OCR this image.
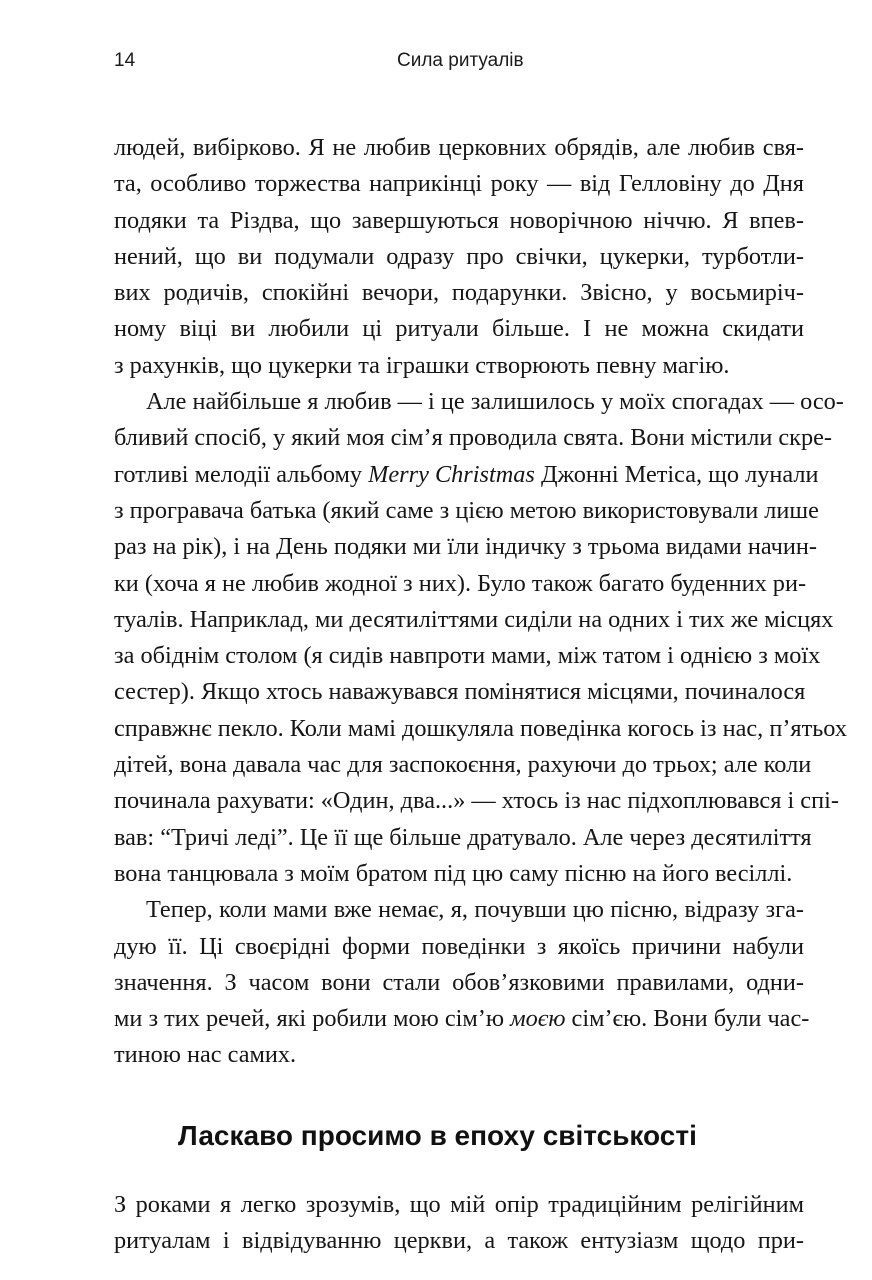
14	Сила ритуалів
людей, вибірково. Я не любив церковних обрядів, але любив свя-
та, особливо торжества наприкінці року — від Гелловіну до Дня
подяки та Різдва, що завершуються новорічною ніччю. Я впев-
нений, що ви подумали одразу про свічки, цукерки, турботли-
вих родичів, спокійні вечори, подарунки. Звісно, у восьмиріч-
ному віці ви любили ці ритуали більше. І не можна скидати
з рахунків, що цукерки та іграшки створюють певну магію.
Але найбільше я любив — і це залишилось у моїх спогадах — осо-
бливий спосіб, у який моя сім’я проводила свята. Вони містили скре-
готливі мелодії альбому Merry Christmas Джонні Метіса, що лунали
з програвача батька (який саме з цією метою використовували лише
раз на рік), і на День подяки ми їли індичку з трьома видами начин-
ки (хоча я не любив жодної з них). Було також багато буденних ри-
туалів. Наприклад, ми десятиліттями сиділи на одних і тих же місцях
за обіднім столом (я сидів навпроти мами, між татом і однією з моїх
сестер). Якщо хтось наважувався помінятися місцями, починалося
справжнє пекло. Коли мамі дошкуляла поведінка когось із нас, п’ятьох
дітей, вона давала час для заспокоєння, рахуючи до трьох; але коли
починала рахувати: «Один, два...» — хтось із нас підхоплювався і спі-
вав: “Тричі леді”. Це її ще більше дратувало. Але через десятиліття
вона танцювала з моїм братом під цю саму пісню на його весіллі.
Тепер, коли мами вже немає, я, почувши цю пісню, відразу зга-
дую її. Ці своєрідні форми поведінки з якоїсь причини набули
значення. З часом вони стали обов’язковими правилами, одни-
ми з тих речей, які робили мою сім’ю моєю сім’єю. Вони були час-
тиною нас самих.
Ласкаво просимо в епоху світськості
З роками я легко зрозумів, що мій опір традиційним релігійним
ритуалам і відвідуванню церкви, а також ентузіазм щодо при-
